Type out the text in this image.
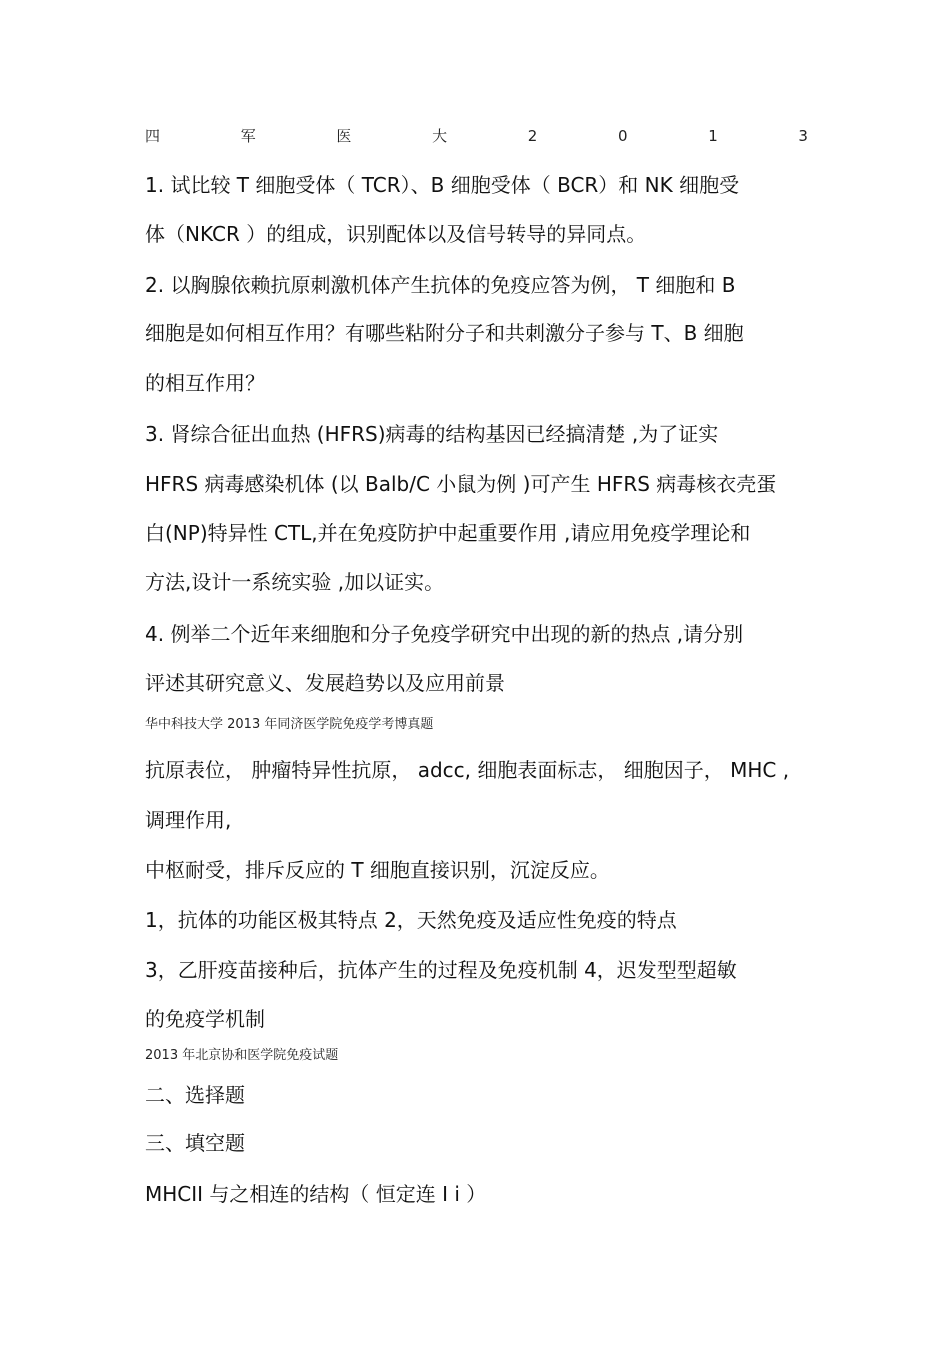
四	军	医	大	2	0	1	3
1. 试比较 T 细胞受体（ TCR）、B 细胞受体（ BCR）和 NK 细胞受
体（NKCR ）的组成，识别配体以及信号转导的异同点。
2. 以胸腺依赖抗原刺激机体产生抗体的免疫应答为例， T 细胞和 B
细胞是如何相互作用？有哪些粘附分子和共刺激分子参与 T、B 细胞
的相互作用？
3. 肾综合征出血热 (HFRS)病毒的结构基因已经搞清楚 ,为了证实
HFRS 病毒感染机体 (以 Balb/C 小鼠为例 )可产生 HFRS 病毒核衣壳蛋
白(NP)特异性 CTL,并在免疫防护中起重要作用 ,请应用免疫学理论和
方法,设计一系统实验 ,加以证实。
4. 例举二个近年来细胞和分子免疫学研究中出现的新的热点 ,请分别
评述其研究意义、发展趋势以及应用前景
华中科技大学 2013 年同济医学院免疫学考博真题
抗原表位， 肿瘤特异性抗原， adcc, 细胞表面标志， 细胞因子， MHC ,
调理作用,
中枢耐受，排斥反应的 T 细胞直接识别，沉淀反应。
1，抗体的功能区极其特点 2，天然免疫及适应性免疫的特点
3，乙肝疫苗接种后，抗体产生的过程及免疫机制 4，迟发型型超敏
的免疫学机制
2013 年北京协和医学院免疫试题
二、选择题
三、填空题
MHCII 与之相连的结构（ 恒定连 I i ）
